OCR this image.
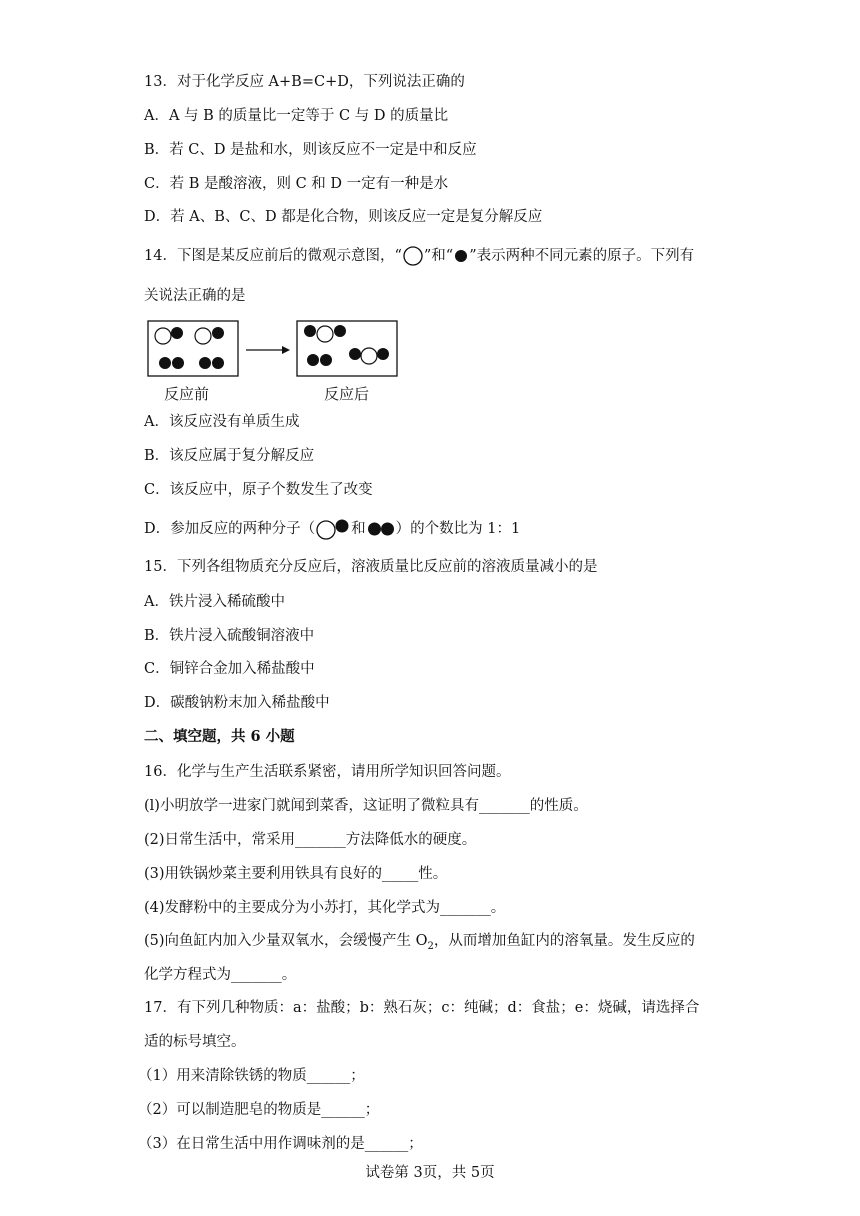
13．对于化学反应 A+B=C+D，下列说法正确的
A．A 与 B 的质量比一定等于 C 与 D 的质量比
B．若 C、D 是盐和水，则该反应不一定是中和反应
C．若 B 是酸溶液，则 C 和 D 一定有一种是水
D．若 A、B、C、D 都是化合物，则该反应一定是复分解反应
14．下图是某反应前后的微观示意图，“ ”和“ ”表示两种不同元素的原子。下列有
关说法正确的是
反应前	反应后
A．该反应没有单质生成
B．该反应属于复分解反应
C．该反应中，原子个数发生了改变
D．参加反应的两种分子（ 和 ）的个数比为 1：1
15．下列各组物质充分反应后，溶液质量比反应前的溶液质量减小的是
A．铁片浸入稀硫酸中
B．铁片浸入硫酸铜溶液中
C．铜锌合金加入稀盐酸中
D．碳酸钠粉末加入稀盐酸中
二、填空题，共 6 小题
16．化学与生产生活联系紧密，请用所学知识回答问题。
(l)小明放学一进家门就闻到菜香，这证明了微粒具有_______的性质。
(2)日常生活中，常采用_______方法降低水的硬度。
(3)用铁锅炒菜主要利用铁具有良好的_____性。
(4)发酵粉中的主要成分为小苏打，其化学式为_______。
(5)向鱼缸内加入少量双氧水，会缓慢产生 $O_2$，从而增加鱼缸内的溶氧量。发生反应的
化学方程式为_______。
17．有下列几种物质：a：盐酸；b：熟石灰；c：纯碱；d：食盐；e：烧碱，请选择合
适的标号填空。
（1）用来清除铁锈的物质______；
（2）可以制造肥皂的物质是______；
（3）在日常生活中用作调味剂的是______；
试卷第 3页，共 5页
